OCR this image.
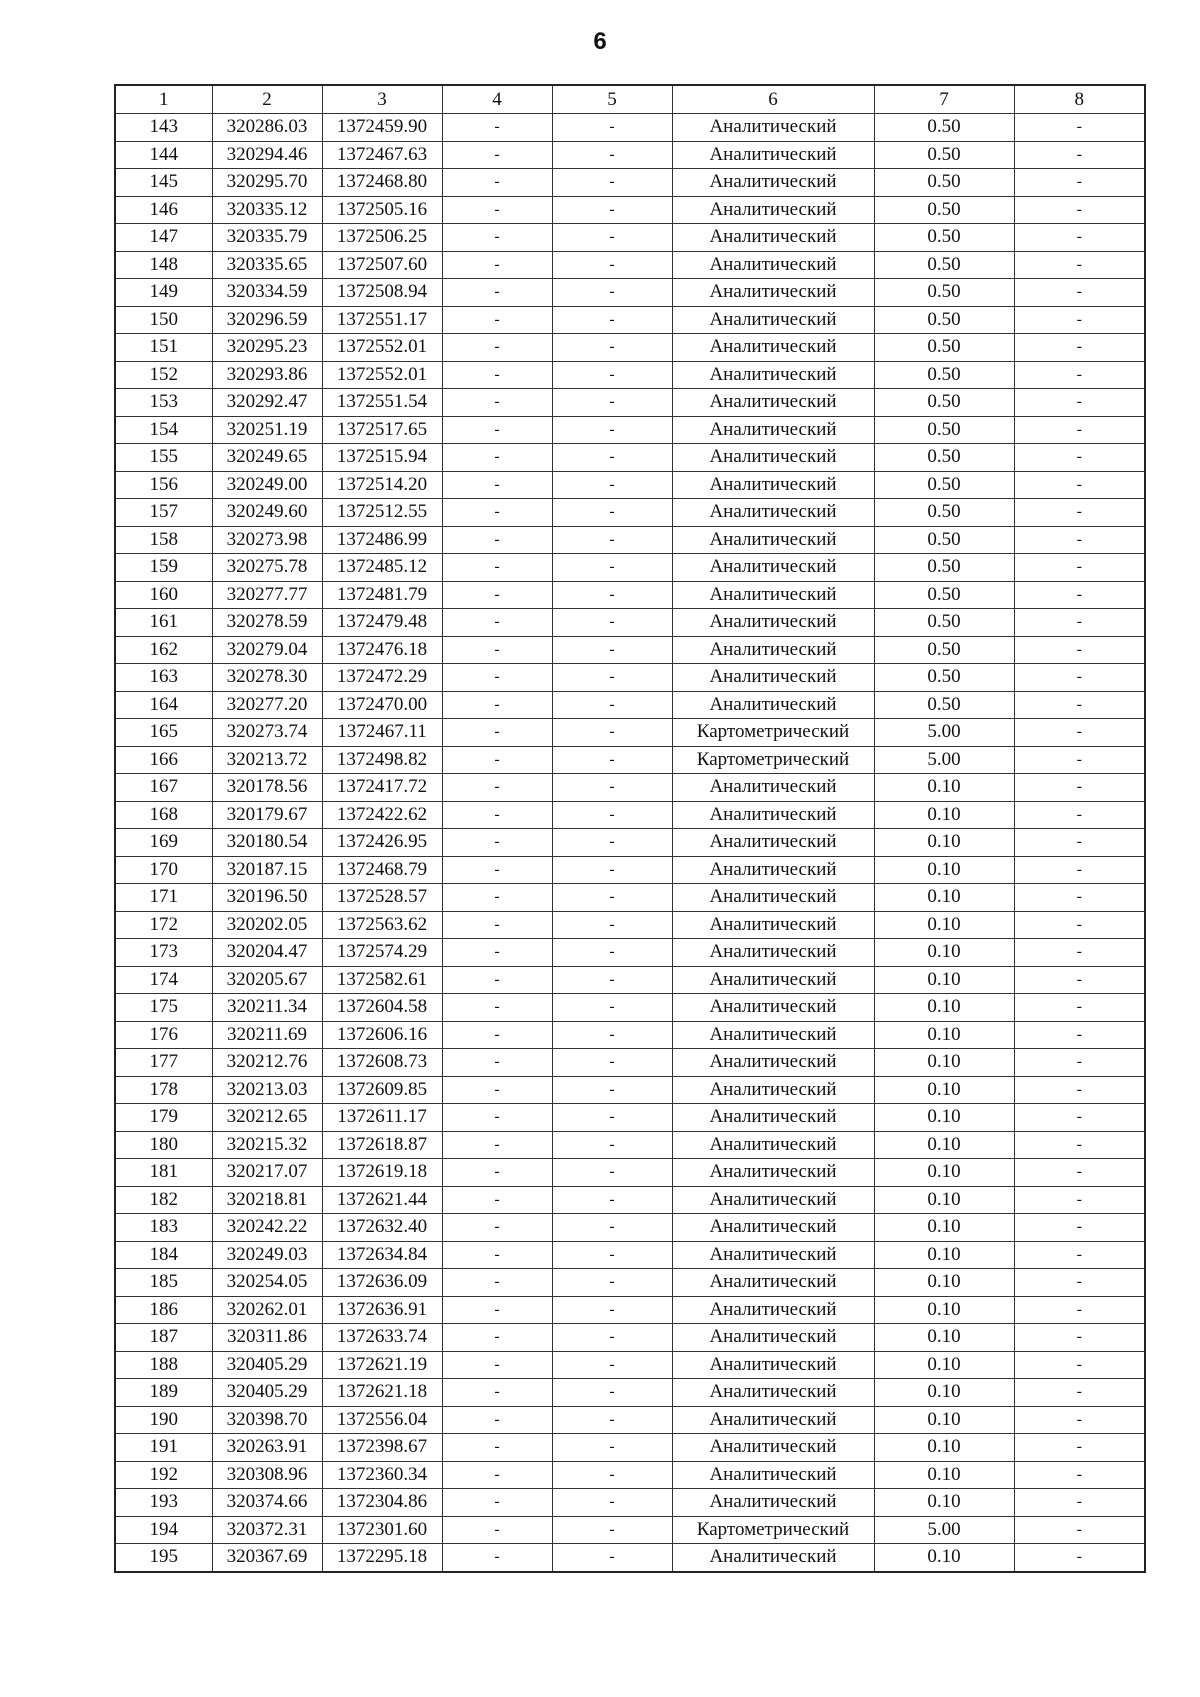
6
1	2	3	4	5	6	7	8
143	320286.03	1372459.90	-	-	Аналитический	0.50	-
144	320294.46	1372467.63	-	-	Аналитический	0.50	-
145	320295.70	1372468.80	-	-	Аналитический	0.50	-
146	320335.12	1372505.16	-	-	Аналитический	0.50	-
147	320335.79	1372506.25	-	-	Аналитический	0.50	-
148	320335.65	1372507.60	-	-	Аналитический	0.50	-
149	320334.59	1372508.94	-	-	Аналитический	0.50	-
150	320296.59	1372551.17	-	-	Аналитический	0.50	-
151	320295.23	1372552.01	-	-	Аналитический	0.50	-
152	320293.86	1372552.01	-	-	Аналитический	0.50	-
153	320292.47	1372551.54	-	-	Аналитический	0.50	-
154	320251.19	1372517.65	-	-	Аналитический	0.50	-
155	320249.65	1372515.94	-	-	Аналитический	0.50	-
156	320249.00	1372514.20	-	-	Аналитический	0.50	-
157	320249.60	1372512.55	-	-	Аналитический	0.50	-
158	320273.98	1372486.99	-	-	Аналитический	0.50	-
159	320275.78	1372485.12	-	-	Аналитический	0.50	-
160	320277.77	1372481.79	-	-	Аналитический	0.50	-
161	320278.59	1372479.48	-	-	Аналитический	0.50	-
162	320279.04	1372476.18	-	-	Аналитический	0.50	-
163	320278.30	1372472.29	-	-	Аналитический	0.50	-
164	320277.20	1372470.00	-	-	Аналитический	0.50	-
165	320273.74	1372467.11	-	-	Картометрический	5.00	-
166	320213.72	1372498.82	-	-	Картометрический	5.00	-
167	320178.56	1372417.72	-	-	Аналитический	0.10	-
168	320179.67	1372422.62	-	-	Аналитический	0.10	-
169	320180.54	1372426.95	-	-	Аналитический	0.10	-
170	320187.15	1372468.79	-	-	Аналитический	0.10	-
171	320196.50	1372528.57	-	-	Аналитический	0.10	-
172	320202.05	1372563.62	-	-	Аналитический	0.10	-
173	320204.47	1372574.29	-	-	Аналитический	0.10	-
174	320205.67	1372582.61	-	-	Аналитический	0.10	-
175	320211.34	1372604.58	-	-	Аналитический	0.10	-
176	320211.69	1372606.16	-	-	Аналитический	0.10	-
177	320212.76	1372608.73	-	-	Аналитический	0.10	-
178	320213.03	1372609.85	-	-	Аналитический	0.10	-
179	320212.65	1372611.17	-	-	Аналитический	0.10	-
180	320215.32	1372618.87	-	-	Аналитический	0.10	-
181	320217.07	1372619.18	-	-	Аналитический	0.10	-
182	320218.81	1372621.44	-	-	Аналитический	0.10	-
183	320242.22	1372632.40	-	-	Аналитический	0.10	-
184	320249.03	1372634.84	-	-	Аналитический	0.10	-
185	320254.05	1372636.09	-	-	Аналитический	0.10	-
186	320262.01	1372636.91	-	-	Аналитический	0.10	-
187	320311.86	1372633.74	-	-	Аналитический	0.10	-
188	320405.29	1372621.19	-	-	Аналитический	0.10	-
189	320405.29	1372621.18	-	-	Аналитический	0.10	-
190	320398.70	1372556.04	-	-	Аналитический	0.10	-
191	320263.91	1372398.67	-	-	Аналитический	0.10	-
192	320308.96	1372360.34	-	-	Аналитический	0.10	-
193	320374.66	1372304.86	-	-	Аналитический	0.10	-
194	320372.31	1372301.60	-	-	Картометрический	5.00	-
195	320367.69	1372295.18	-	-	Аналитический	0.10	-
